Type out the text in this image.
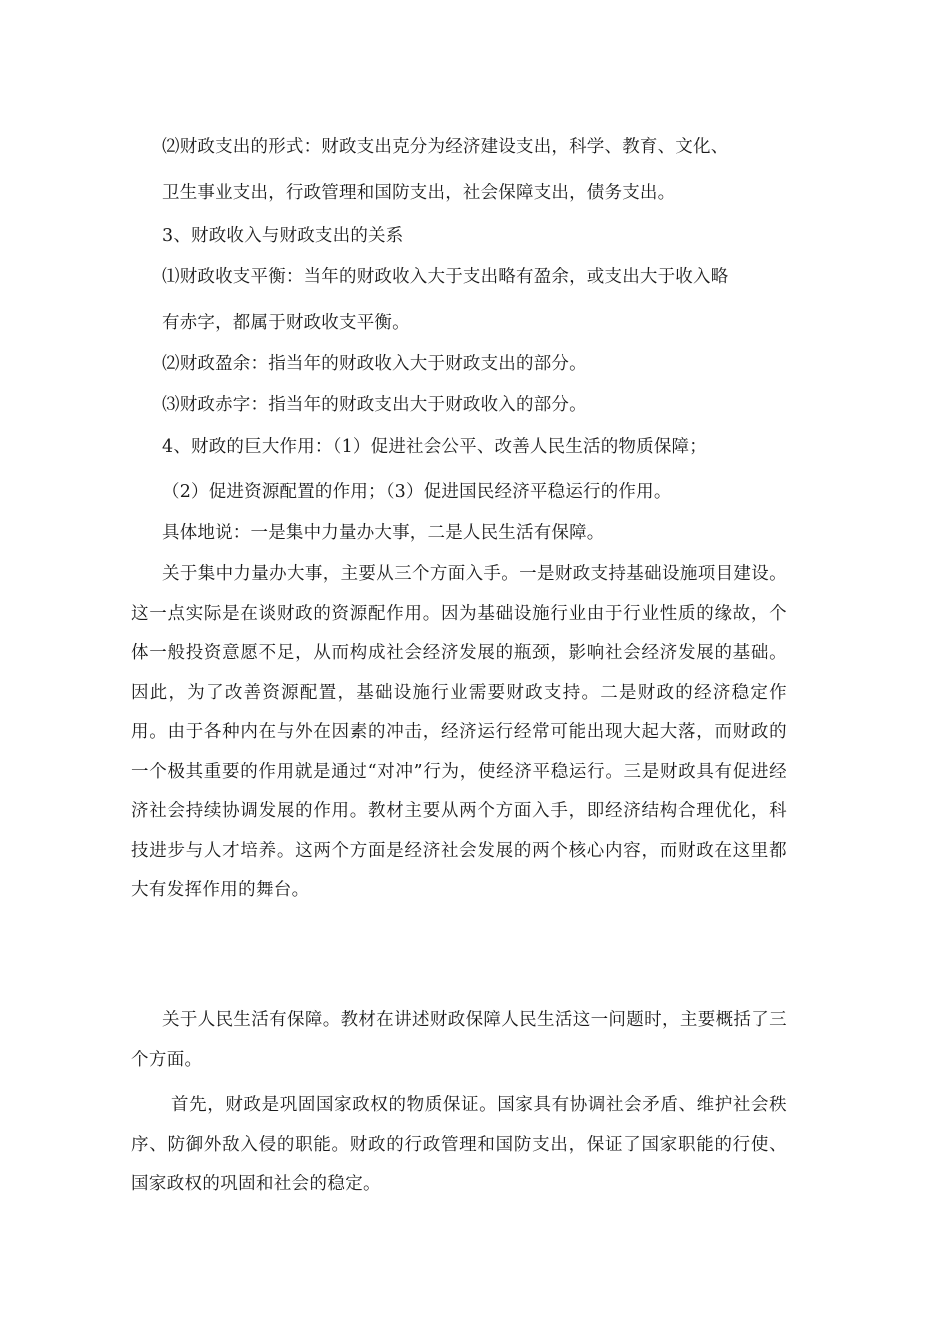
⑵财政支出的形式：财政支出克分为经济建设支出，科学、教育、文化、
卫生事业支出，行政管理和国防支出，社会保障支出，债务支出。
3、财政收入与财政支出的关系
⑴财政收支平衡：当年的财政收入大于支出略有盈余，或支出大于收入略
有赤字，都属于财政收支平衡。
⑵财政盈余：指当年的财政收入大于财政支出的部分。
⑶财政赤字：指当年的财政支出大于财政收入的部分。
4、财政的巨大作用：（1）促进社会公平、改善人民生活的物质保障；
（2）促进资源配置的作用；（3）促进国民经济平稳运行的作用。
具体地说：一是集中力量办大事，二是人民生活有保障。
关于集中力量办大事，主要从三个方面入手。一是财政支持基础设施项目建设。这一点实际是在谈财政的资源配作用。因为基础设施行业由于行业性质的缘故，个体一般投资意愿不足，从而构成社会经济发展的瓶颈，影响社会经济发展的基础。因此，为了改善资源配置，基础设施行业需要财政支持。二是财政的经济稳定作用。由于各种内在与外在因素的冲击，经济运行经常可能出现大起大落，而财政的一个极其重要的作用就是通过“对冲”行为，使经济平稳运行。三是财政具有促进经济社会持续协调发展的作用。教材主要从两个方面入手，即经济结构合理优化，科技进步与人才培养。这两个方面是经济社会发展的两个核心内容，而财政在这里都大有发挥作用的舞台。
关于人民生活有保障。教材在讲述财政保障人民生活这一问题时，主要概括了三个方面。
首先，财政是巩固国家政权的物质保证。国家具有协调社会矛盾、维护社会秩序、防御外敌入侵的职能。财政的行政管理和国防支出，保证了国家职能的行使、国家政权的巩固和社会的稳定。
